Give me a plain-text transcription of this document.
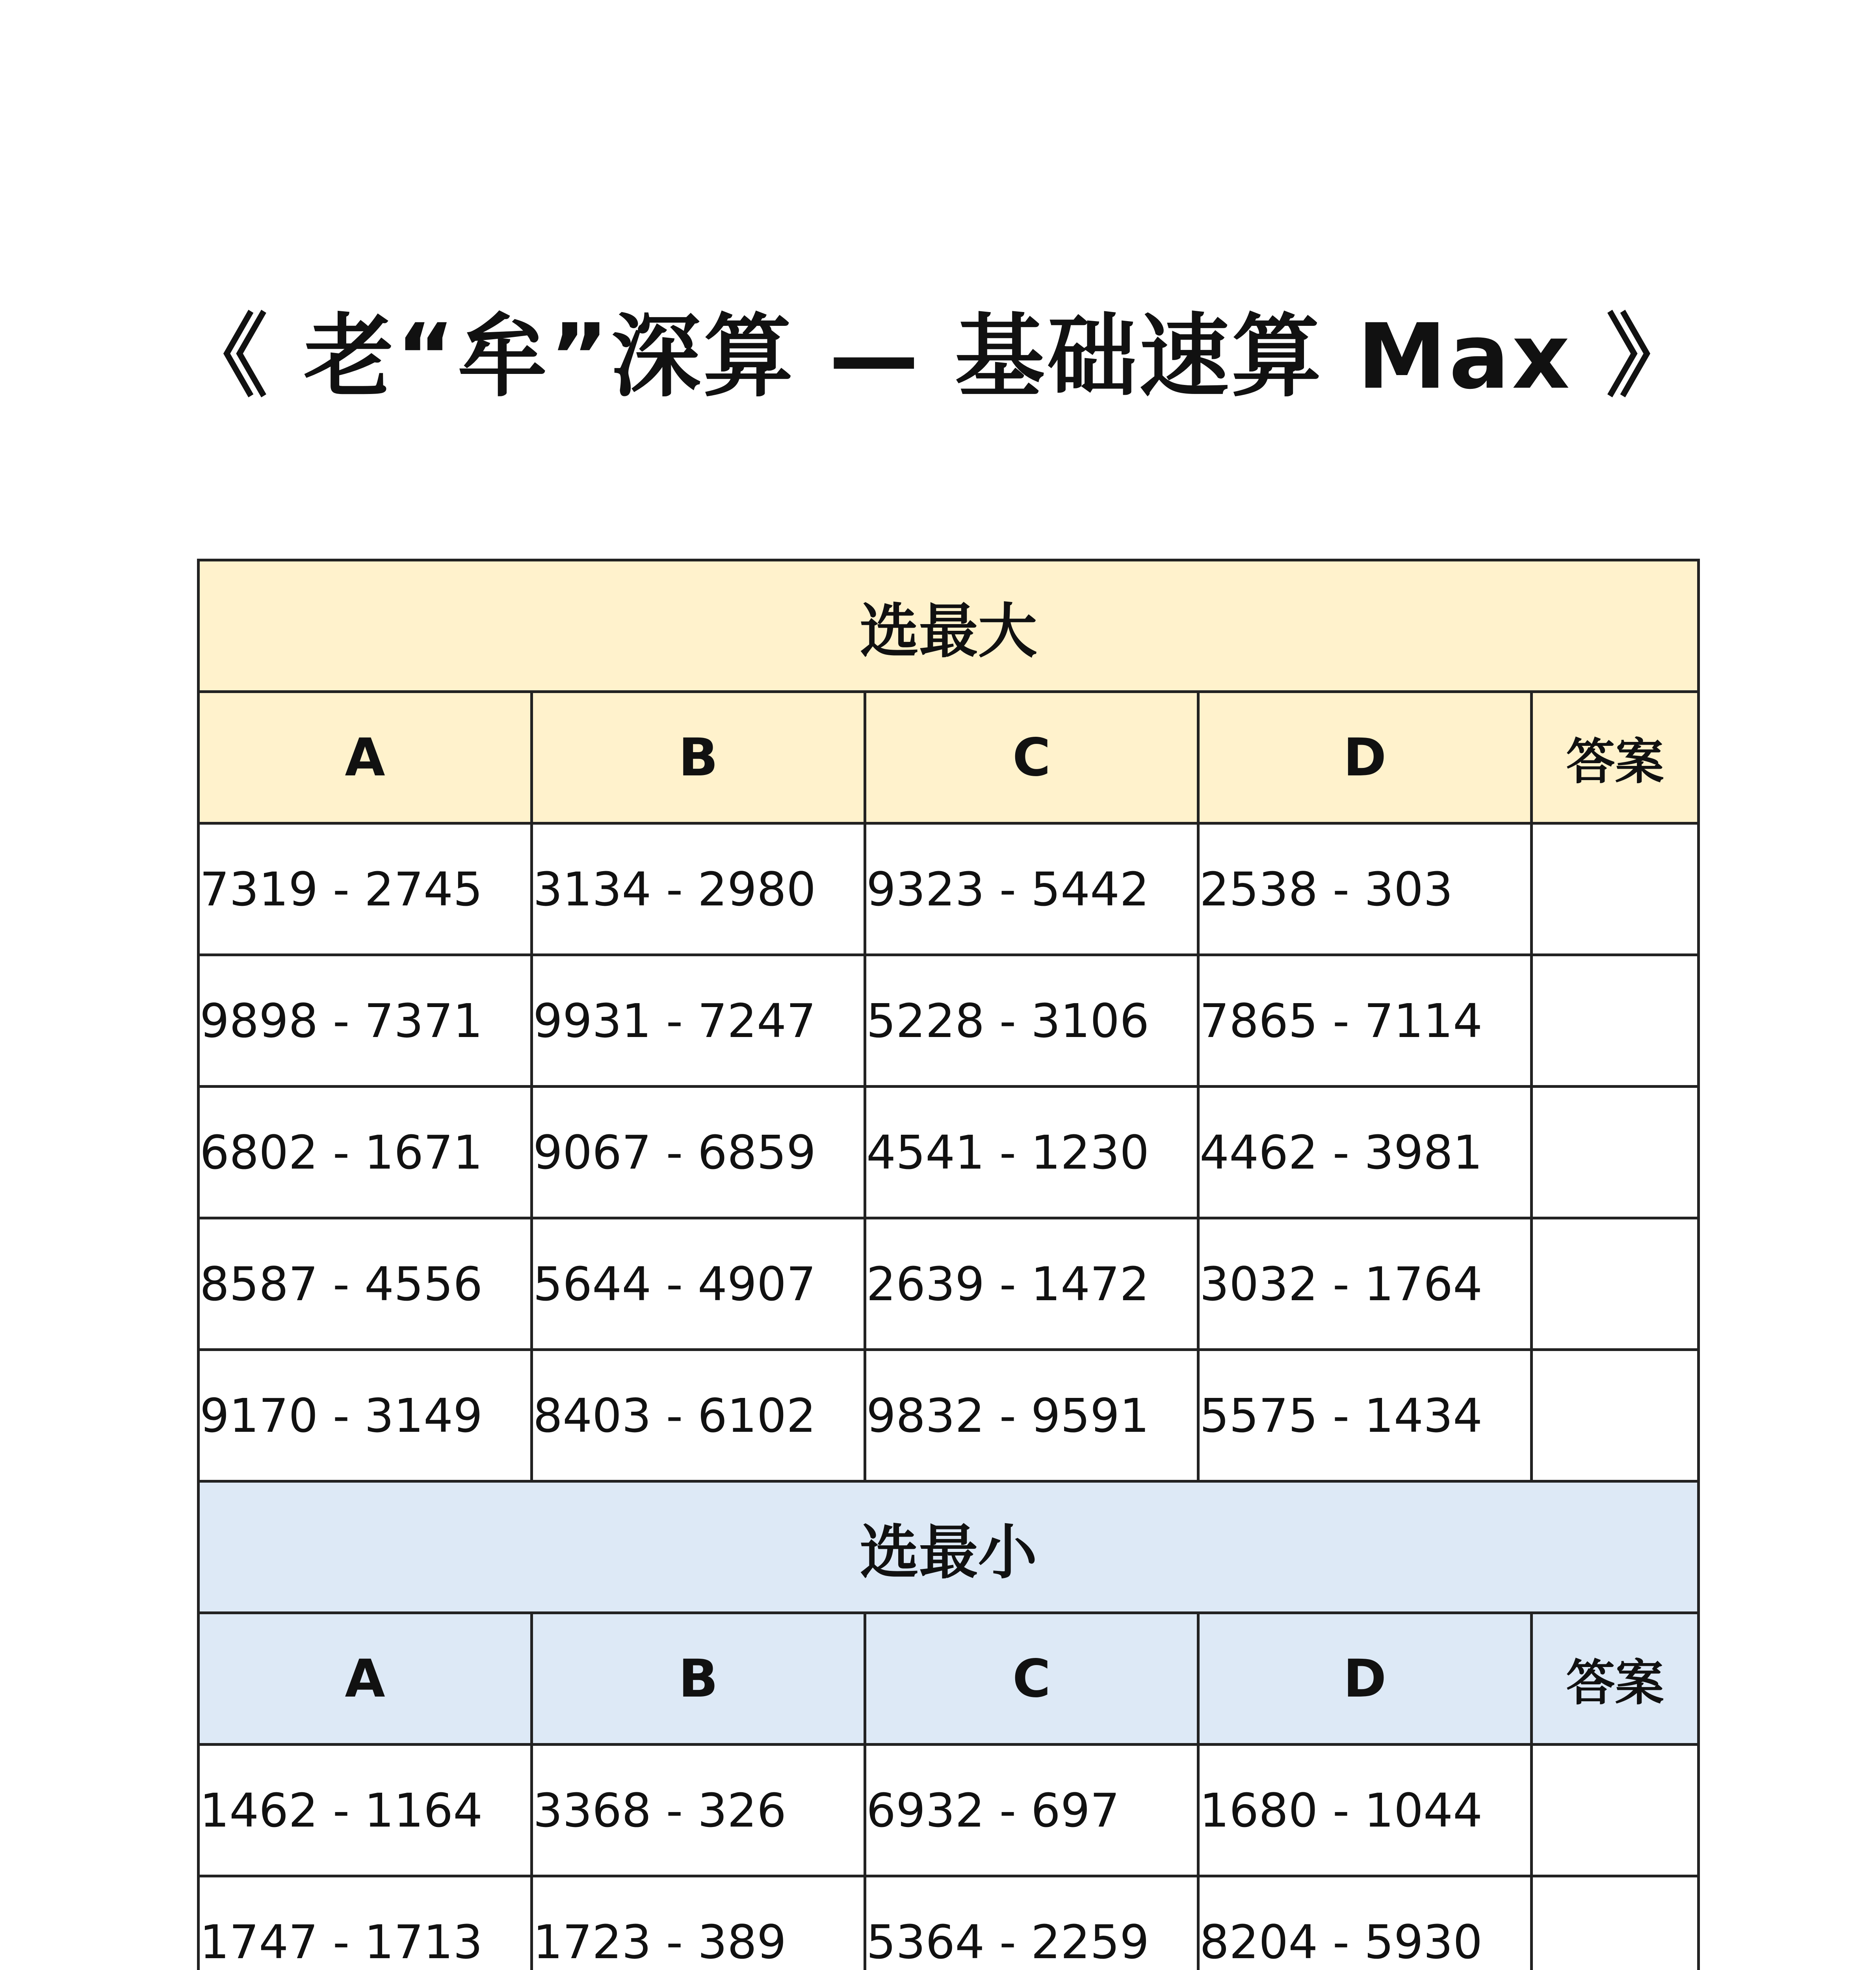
《 老“牟”深算 — 基础速算 Max 》
选最大				
A	B	C	D	答案
7319 - 2745	3134 - 2980	9323 - 5442	2538 - 303	
9898 - 7371	9931 - 7247	5228 - 3106	7865 - 7114	
6802 - 1671	9067 - 6859	4541 - 1230	4462 - 3981	
8587 - 4556	5644 - 4907	2639 - 1472	3032 - 1764	
9170 - 3149	8403 - 6102	9832 - 9591	5575 - 1434	
选最小				
A	B	C	D	答案
1462 - 1164	3368 - 326	6932 - 697	1680 - 1044	
1747 - 1713	1723 - 389	5364 - 2259	8204 - 5930	
